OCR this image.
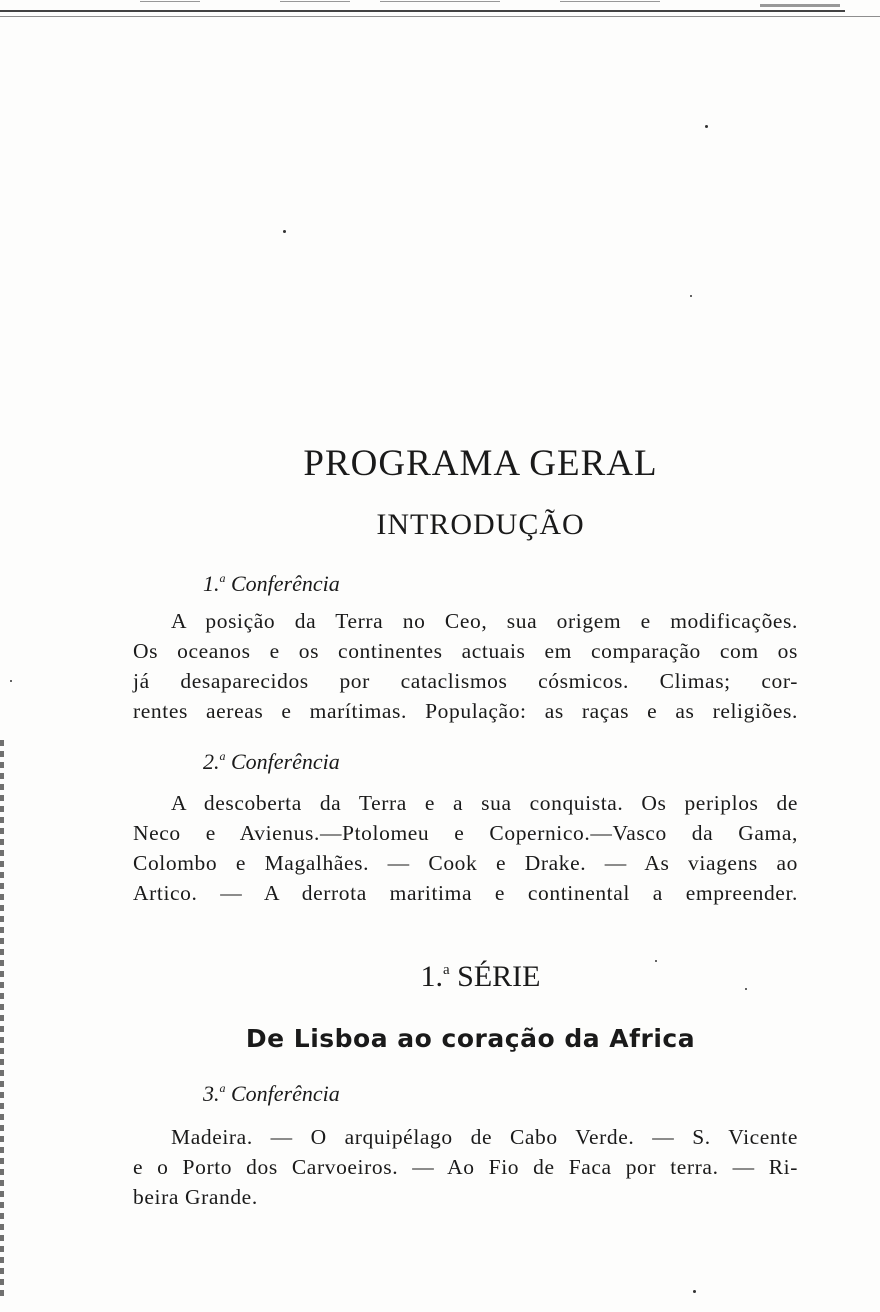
PROGRAMA GERAL
INTRODUÇÃO
1.$^a$ Conferência

A posição da Terra no Ceo, sua origem e modificações.
Os oceanos e os continentes actuais em comparação com os
já desaparecidos por cataclismos cósmicos. Climas; cor-
rentes aereas e marítimas. População: as raças e as religiões.

2.$^a$ Conferência

A descoberta da Terra e a sua conquista. Os periplos de
Neco e Avienus.—Ptolomeu e Copernico.—Vasco da Gama,
Colombo e Magalhães. — Cook e Drake. — As viagens ao
Artico. — A derrota maritima e continental a empreender.

1.$^a$ SÉRIE
De Lisboa ao coração da Africa
3.$^a$ Conferência

Madeira. — O arquipélago de Cabo Verde. — S. Vicente
e o Porto dos Carvoeiros. — Ao Fio de Faca por terra. — Ri-
beira Grande.
